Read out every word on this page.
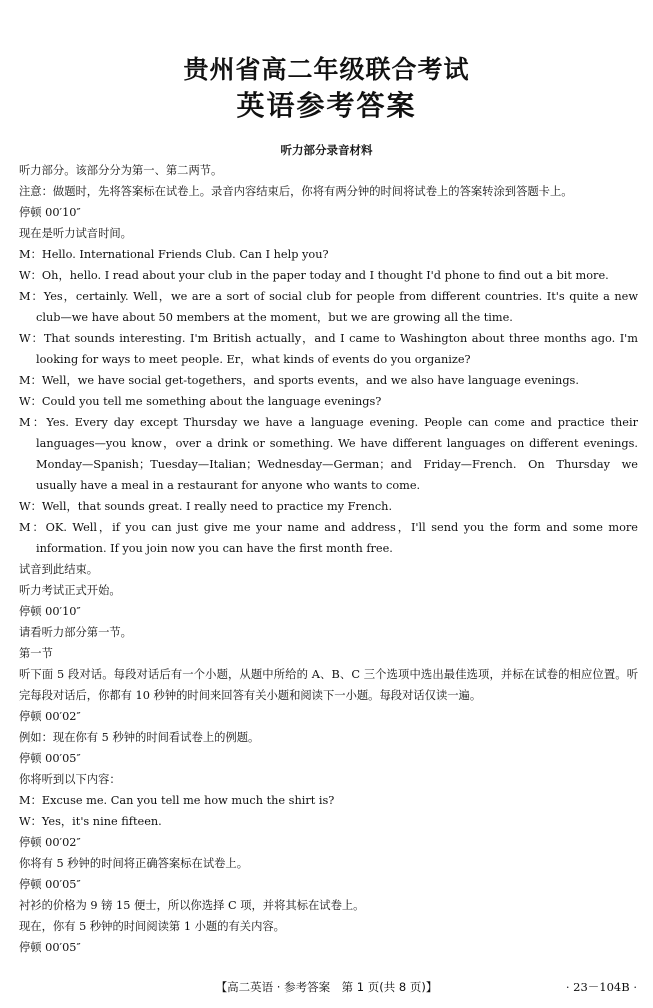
贵州省高二年级联合考试
英语参考答案
听力部分录音材料
听力部分。该部分分为第一、第二两节。
注意：做题时，先将答案标在试卷上。录音内容结束后，你将有两分钟的时间将试卷上的答案转涂到答题卡上。
停顿 00′10″
现在是听力试音时间。
M：Hello. International Friends Club. Can I help you?
W：Oh，hello. I read about your club in the paper today and I thought I'd phone to find out a bit more.
M：Yes，certainly. Well，we are a sort of social club for people from different countries. It's quite a new club—we have about 50 members at the moment，but we are growing all the time.
W：That sounds interesting. I'm British actually，and I came to Washington about three months ago. I'm looking for ways to meet people. Er，what kinds of events do you organize?
M：Well，we have social get-togethers，and sports events，and we also have language evenings.
W：Could you tell me something about the language evenings?
M：Yes. Every day except Thursday we have a language evening. People can come and practice their languages—you know，over a drink or something. We have different languages on different evenings. Monday—Spanish；Tuesday—Italian；Wednesday—German；and Friday—French. On Thursday we usually have a meal in a restaurant for anyone who wants to come.
W：Well，that sounds great. I really need to practice my French.
M：OK. Well，if you can just give me your name and address，I'll send you the form and some more information. If you join now you can have the first month free.
试音到此结束。
听力考试正式开始。
停顿 00′10″
请看听力部分第一节。
第一节
听下面 5 段对话。每段对话后有一个小题，从题中所给的 A、B、C 三个选项中选出最佳选项，并标在试卷的相应位置。听完每段对话后，你都有 10 秒钟的时间来回答有关小题和阅读下一小题。每段对话仅读一遍。
停顿 00′02″
例如：现在你有 5 秒钟的时间看试卷上的例题。
停顿 00′05″
你将听到以下内容：
M：Excuse me. Can you tell me how much the shirt is?
W：Yes，it's nine fifteen.
停顿 00′02″
你将有 5 秒钟的时间将正确答案标在试卷上。
停顿 00′05″
衬衫的价格为 9 镑 15 便士，所以你选择 C 项，并将其标在试卷上。
现在，你有 5 秒钟的时间阅读第 1 小题的有关内容。
停顿 00′05″
【高二英语 · 参考答案　第 1 页(共 8 页)】	· 23－104B ·
